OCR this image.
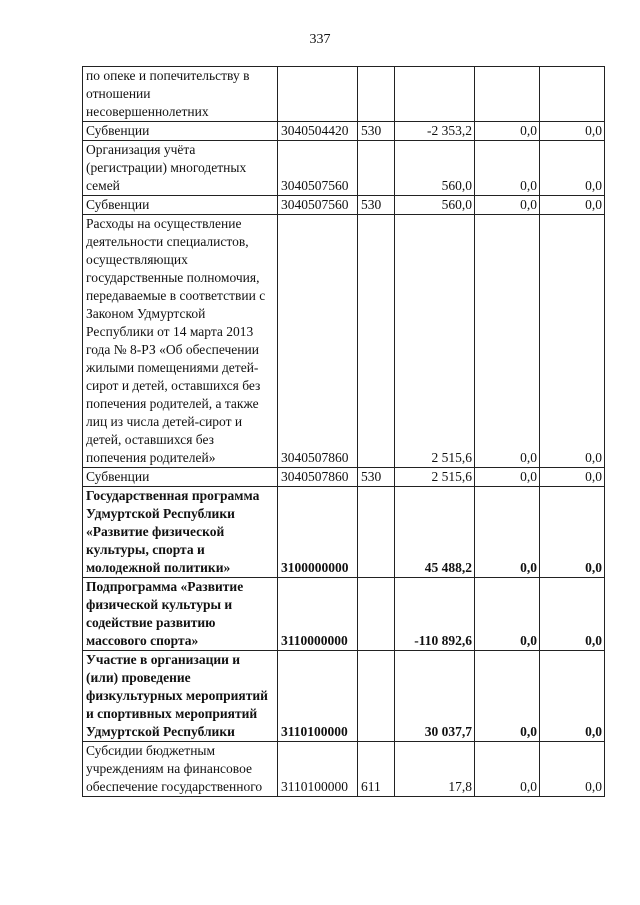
337
по опеке и попечительству в отношении несовершеннолетних					
Субвенции	3040504420	530	-2 353,2	0,0	0,0
Организация учёта (регистрации) многодетных семей	3040507560		560,0	0,0	0,0
Субвенции	3040507560	530	560,0	0,0	0,0
Расходы на осуществление деятельности специалистов, осуществляющих государственные полномочия, передаваемые в соответствии с Законом Удмуртской Республики от 14 марта 2013 года № 8-РЗ «Об обеспечении жилыми помещениями детей-сирот и детей, оставшихся без попечения родителей, а также лиц из числа детей-сирот и детей, оставшихся без попечения родителей»	3040507860		2 515,6	0,0	0,0
Субвенции	3040507860	530	2 515,6	0,0	0,0
Государственная программа Удмуртской Республики «Развитие физической культуры, спорта и молодежной политики»	3100000000		45 488,2	0,0	0,0
Подпрограмма «Развитие физической культуры и содействие развитию массового спорта»	3110000000		-110 892,6	0,0	0,0
Участие в организации и (или) проведение физкультурных мероприятий и спортивных мероприятий Удмуртской Республики	3110100000		30 037,7	0,0	0,0
Субсидии бюджетным учреждениям на финансовое обеспечение государственного	3110100000	611	17,8	0,0	0,0
